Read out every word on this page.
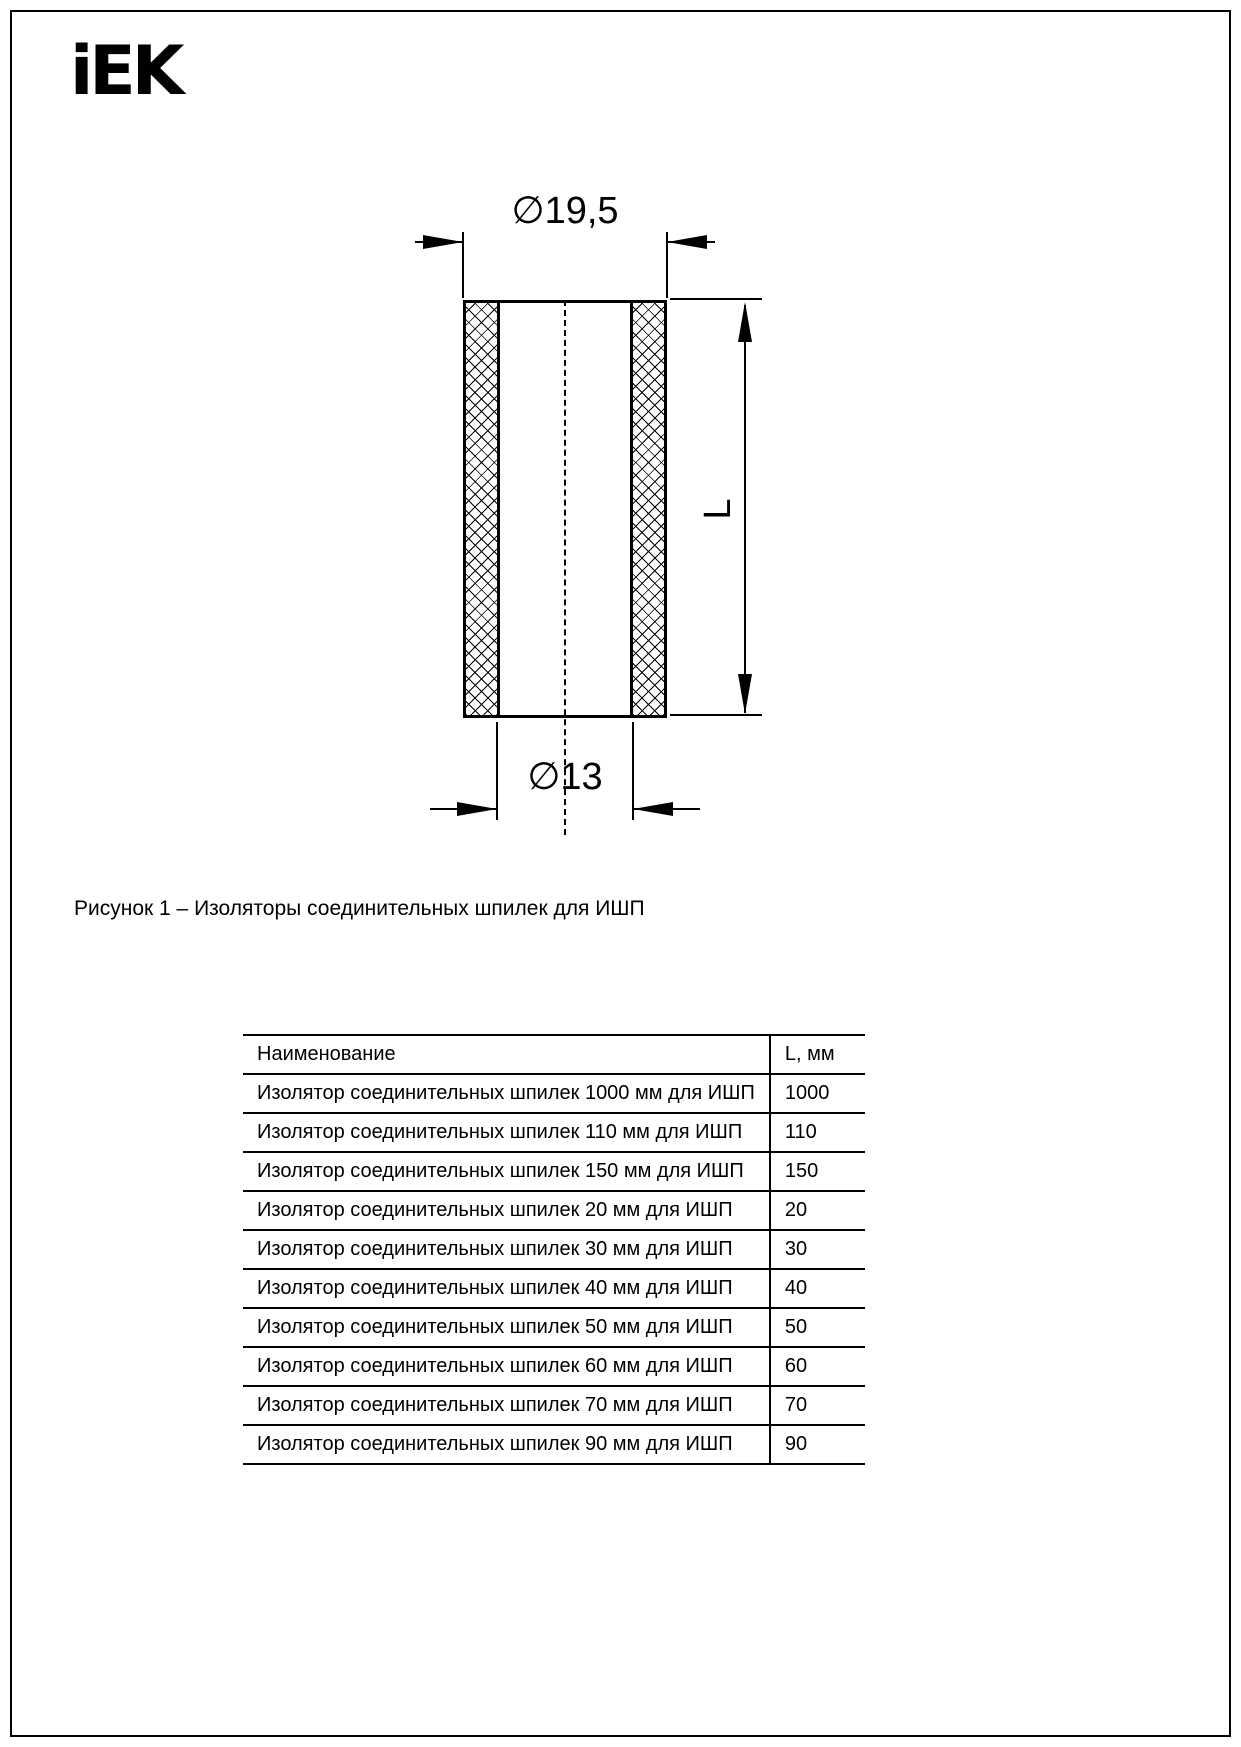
iEK
∅19,5
L
∅13
Рисунок 1 – Изоляторы соединительных шпилек для ИШП
Наименование	L, мм
Изолятор соединительных шпилек 1000 мм для ИШП	1000
Изолятор соединительных шпилек 110 мм для ИШП	110
Изолятор соединительных шпилек 150 мм для ИШП	150
Изолятор соединительных шпилек 20 мм для ИШП	20
Изолятор соединительных шпилек 30 мм для ИШП	30
Изолятор соединительных шпилек 40 мм для ИШП	40
Изолятор соединительных шпилек 50 мм для ИШП	50
Изолятор соединительных шпилек 60 мм для ИШП	60
Изолятор соединительных шпилек 70 мм для ИШП	70
Изолятор соединительных шпилек 90 мм для ИШП	90
